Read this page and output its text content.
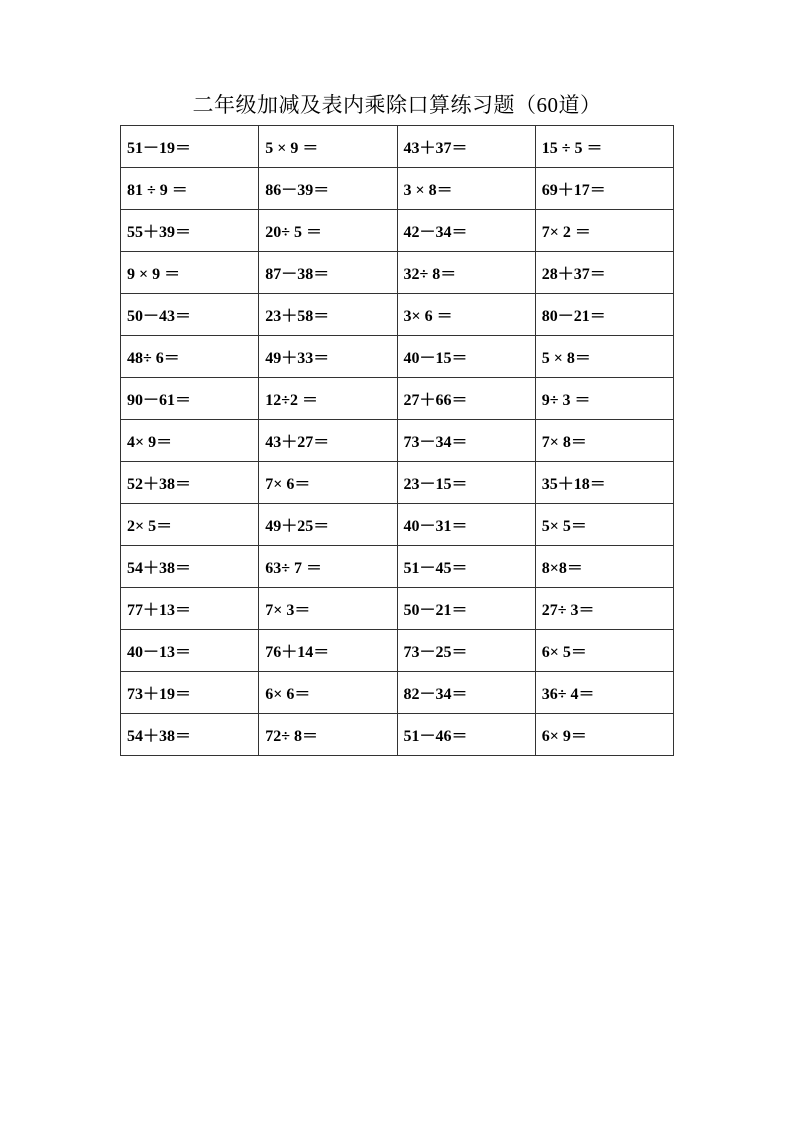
二年级加减及表内乘除口算练习题（60道）
51－19＝	5 × 9 ＝	43＋37＝	15 ÷ 5 ＝
81 ÷ 9 ＝	86－39＝	3 × 8＝	69＋17＝
55＋39＝	20÷ 5 ＝	42－34＝	7× 2 ＝
9 × 9 ＝	87－38＝	32÷ 8＝	28＋37＝
50－43＝	23＋58＝	3× 6 ＝	80－21＝
48÷ 6＝	49＋33＝	40－15＝	5 × 8＝
90－61＝	12÷2 ＝	27＋66＝	9÷ 3 ＝
4× 9＝	43＋27＝	73－34＝	7× 8＝
52＋38＝	7× 6＝	23－15＝	35＋18＝
2× 5＝	49＋25＝	40－31＝	5× 5＝
54＋38＝	63÷ 7 ＝	51－45＝	8×8＝
77＋13＝	7× 3＝	50－21＝	27÷ 3＝
40－13＝	76＋14＝	73－25＝	6× 5＝
73＋19＝	6× 6＝	82－34＝	36÷ 4＝
54＋38＝	72÷ 8＝	51－46＝	6× 9＝
